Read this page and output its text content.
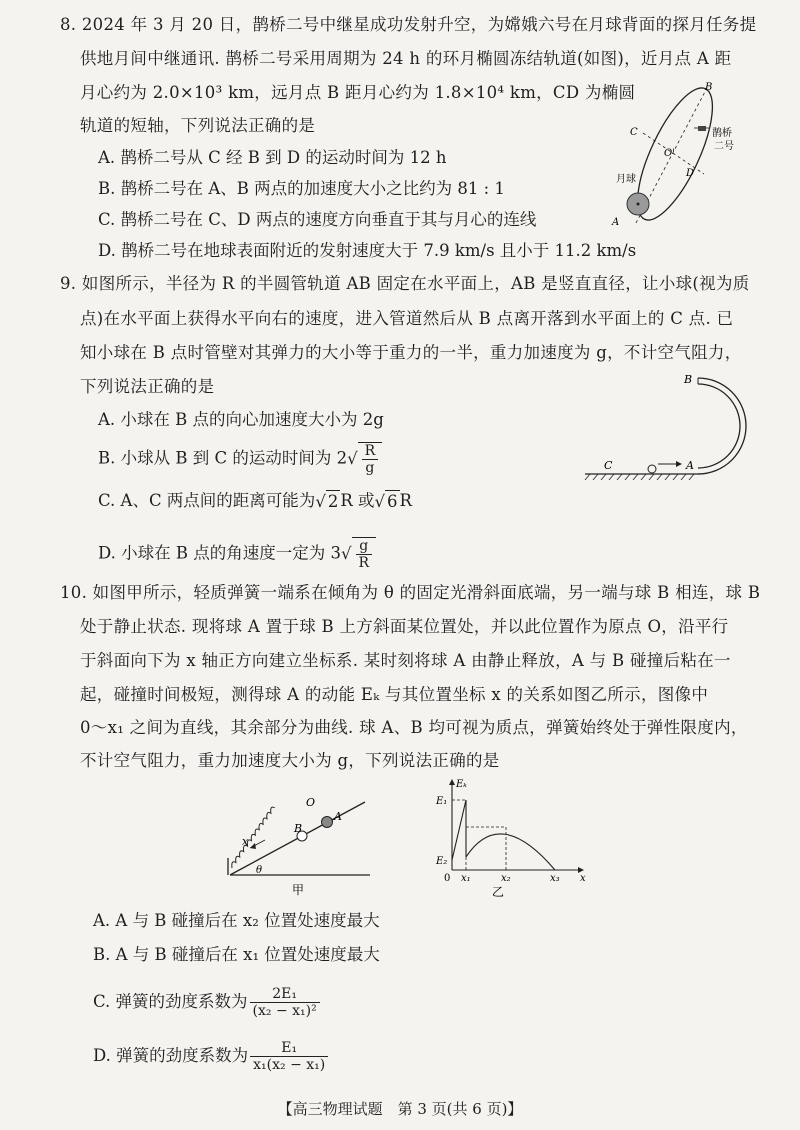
8. 2024 年 3 月 20 日，鹊桥二号中继星成功发射升空，为嫦娥六号在月球背面的探月任务提
供地月间中继通讯. 鹊桥二号采用周期为 24 h 的环月椭圆冻结轨道(如图)，近月点 A 距
月心约为 2.0×10³ km，远月点 B 距月心约为 1.8×10⁴ km，CD 为椭圆
轨道的短轴，下列说法正确的是
A. 鹊桥二号从 C 经 B 到 D 的运动时间为 12 h
B. 鹊桥二号在 A、B 两点的加速度大小之比约为 81 : 1
C. 鹊桥二号在 C、D 两点的速度方向垂直于其与月心的连线
D. 鹊桥二号在地球表面附近的发射速度大于 7.9 km/s 且小于 11.2 km/s
B
C
D
A
O'
月球
鹊桥
二号
9. 如图所示，半径为 R 的半圆管轨道 AB 固定在水平面上，AB 是竖直直径，让小球(视为质
点)在水平面上获得水平向右的速度，进入管道然后从 B 点离开落到水平面上的 C 点. 已
知小球在 B 点时管壁对其弹力的大小等于重力的一半，重力加速度为 g，不计空气阻力，
下列说法正确的是
A. 小球在 B 点的向心加速度大小为 2g
B. 小球从 B 到 C 的运动时间为 $2√ \frac{R}{g}$
C. A、C 两点间的距离可能为√ 2 R 或√ 6 R
D. 小球在 B 点的角速度一定为 $3√ \frac{g}{R}$
B
C	A
10. 如图甲所示，轻质弹簧一端系在倾角为 θ 的固定光滑斜面底端，另一端与球 B 相连，球 B
处于静止状态. 现将球 A 置于球 B 上方斜面某位置处，并以此位置作为原点 O，沿平行
于斜面向下为 x 轴正方向建立坐标系. 某时刻将球 A 由静止释放，A 与 B 碰撞后粘在一
起，碰撞时间极短，测得球 A 的动能 Eₖ 与其位置坐标 x 的关系如图乙所示，图像中
0～x₁ 之间为直线，其余部分为曲线. 球 A、B 均可视为质点，弹簧始终处于弹性限度内，
不计空气阻力，重力加速度大小为 g，下列说法正确的是
x
O
A
B
θ
甲
Eₖ
E₁
E₂
0 x₁	x₂	x₃ x
乙
A. A 与 B 碰撞后在 x₂ 位置处速度最大
B. A 与 B 碰撞后在 x₁ 位置处速度最大
C. 弹簧的劲度系数为 $\frac{\text{2E₁}}{\text{(x₂ − x₁)²}}$
D. 弹簧的劲度系数为 $\frac{\text{E₁}}{\text{x₁(x₂ − x₁)}}$
【高三物理试题　第 3 页(共 6 页)】
